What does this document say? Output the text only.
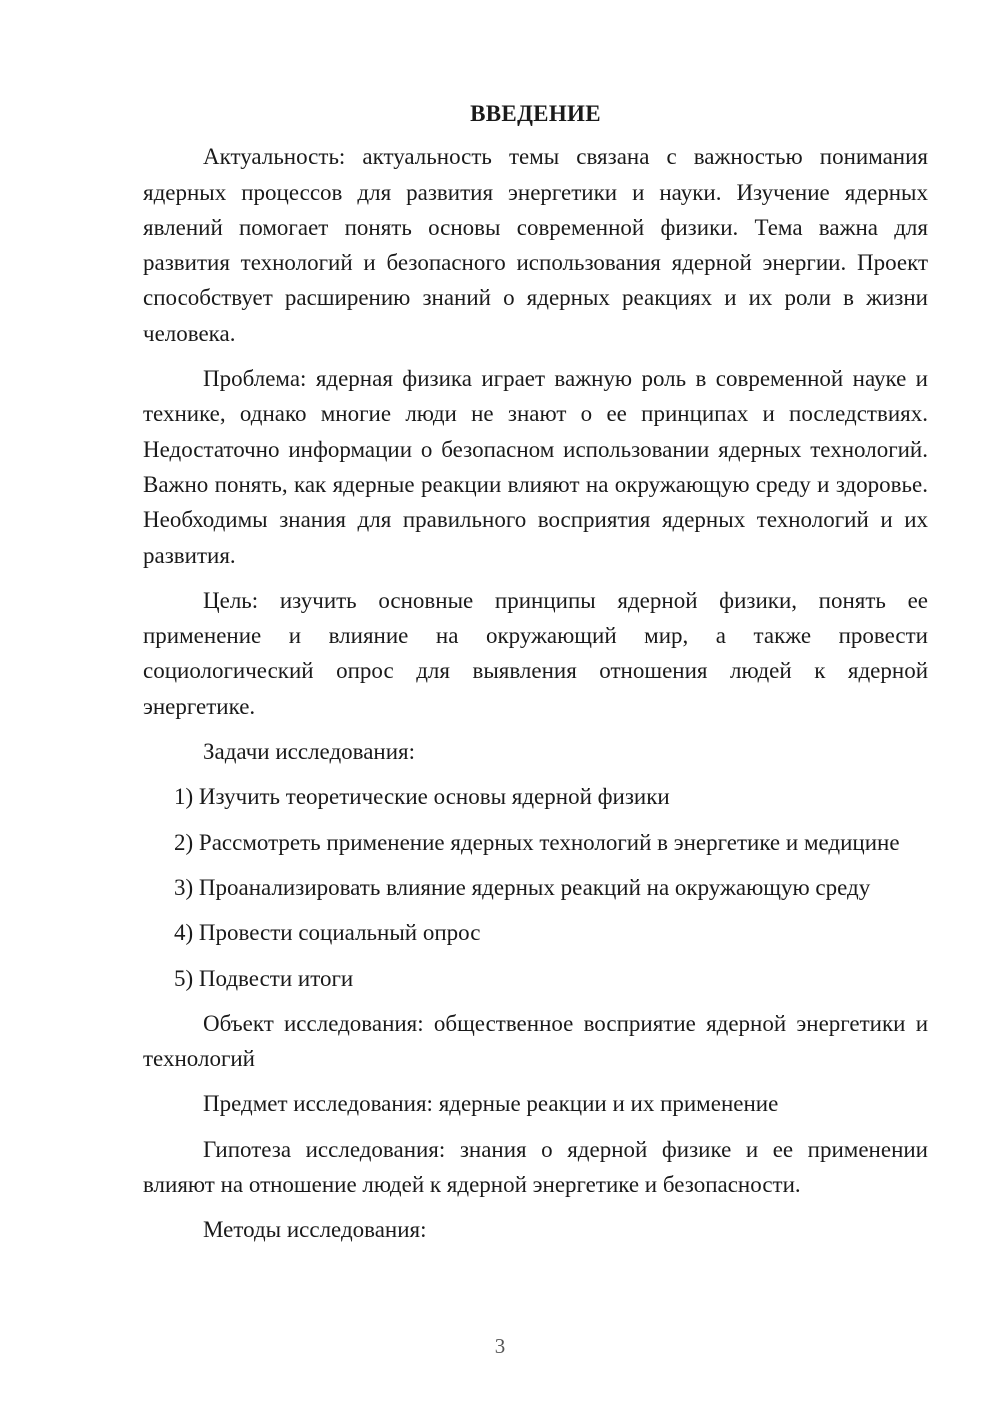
ВВЕДЕНИЕ

Актуальность: актуальность темы связана с важностью понимания ядерных процессов для развития энергетики и науки. Изучение ядерных явлений помогает понять основы современной физики. Тема важна для развития технологий и безопасного использования ядерной энергии. Проект способствует расширению знаний о ядерных реакциях и их роли в жизни человека.

Проблема: ядерная физика играет важную роль в современной науке и технике, однако многие люди не знают о ее принципах и последствиях. Недостаточно информации о безопасном использовании ядерных технологий. Важно понять, как ядерные реакции влияют на окружающую среду и здоровье. Необходимы знания для правильного восприятия ядерных технологий и их развития.

Цель: изучить основные принципы ядерной физики, понять ее применение и влияние на окружающий мир, а также провести социологический опрос для выявления отношения людей к ядерной энергетике.

Задачи исследования:

1) Изучить теоретические основы ядерной физики

2) Рассмотреть применение ядерных технологий в энергетике и медицине

3) Проанализировать влияние ядерных реакций на окружающую среду

4) Провести социальный опрос

5) Подвести итоги

Объект исследования: общественное восприятие ядерной энергетики и технологий

Предмет исследования: ядерные реакции и их применение

Гипотеза исследования: знания о ядерной физике и ее применении влияют на отношение людей к ядерной энергетике и безопасности.

Методы исследования:

3
